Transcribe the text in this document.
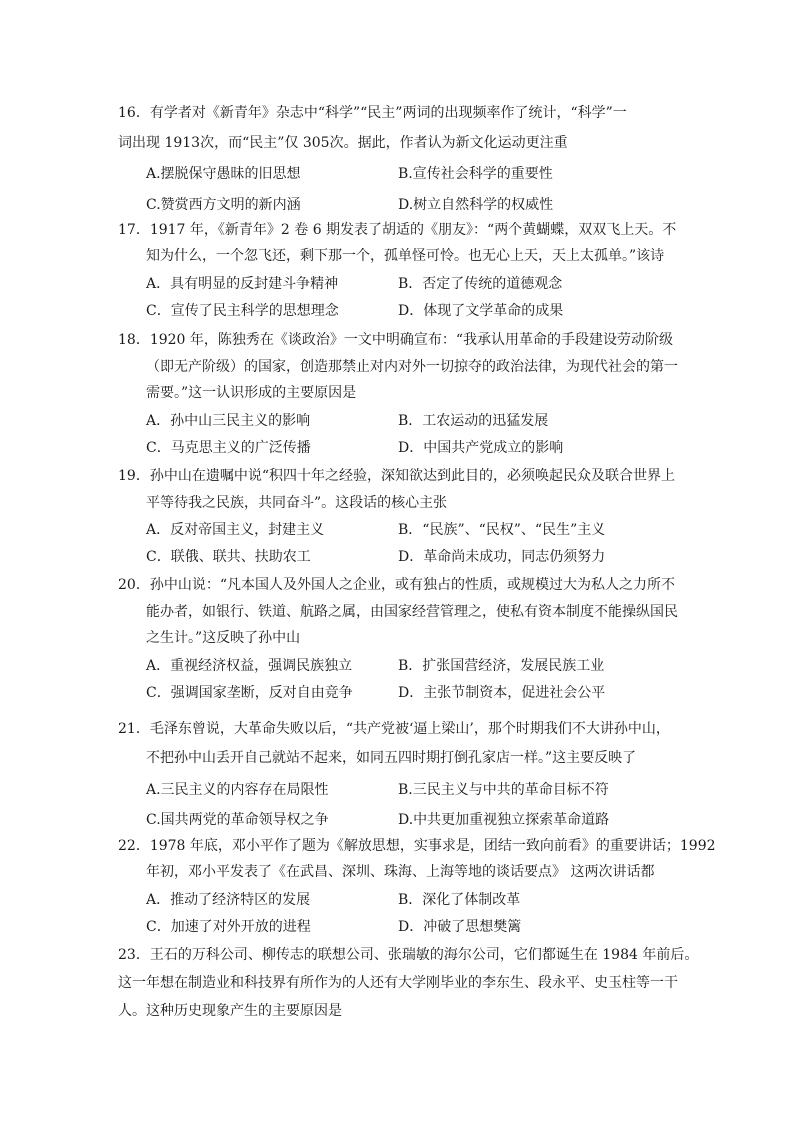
16．有学者对《新青年》杂志中“科学”“民主”两词的出现频率作了统计，“科学”一
词出现 1913次，而“民主”仅 305次。据此，作者认为新文化运动更注重
A.摆脱保守愚昧的旧思想	B.宣传社会科学的重要性
C.赞赏西方文明的新内涵	D.树立自然科学的权威性
17．1917 年，《新青年》2 卷 6 期发表了胡适的《朋友》：“两个黄蝴蝶，双双飞上天。不
知为什么，一个忽飞还，剩下那一个，孤单怪可怜。也无心上天，天上太孤单。”该诗
A．具有明显的反封建斗争精神	B．否定了传统的道德观念
C．宣传了民主科学的思想理念	D．体现了文学革命的成果
18．1920 年，陈独秀在《谈政治》一文中明确宣布：“我承认用革命的手段建设劳动阶级
（即无产阶级）的国家，创造那禁止对内对外一切掠夺的政治法律，为现代社会的第一
需要。”这一认识形成的主要原因是
A．孙中山三民主义的影响	B．工农运动的迅猛发展
C．马克思主义的广泛传播	D．中国共产党成立的影响
19．孙中山在遗嘱中说“积四十年之经验，深知欲达到此目的，必须唤起民众及联合世界上
平等待我之民族，共同奋斗”。这段话的核心主张
A．反对帝国主义，封建主义	B．“民族”、“民权”、“民生”主义
C．联俄、联共、扶助农工	D．革命尚未成功，同志仍须努力
20．孙中山说：“凡本国人及外国人之企业，或有独占的性质，或规模过大为私人之力所不
能办者，如银行、铁道、航路之属，由国家经营管理之，使私有资本制度不能操纵国民
之生计。”这反映了孙中山
A．重视经济权益，强调民族独立	B．扩张国营经济，发展民族工业
C．强调国家垄断，反对自由竞争	D．主张节制资本，促进社会公平
21．毛泽东曾说，大革命失败以后，“共产党被‘逼上梁山’，那个时期我们不大讲孙中山，
不把孙中山丢开自己就站不起来，如同五四时期打倒孔家店一样。”这主要反映了
A.三民主义的内容存在局限性	B.三民主义与中共的革命目标不符
C.国共两党的革命领导权之争	D.中共更加重视独立探索革命道路
22．1978 年底，邓小平作了题为《解放思想，实事求是，团结一致向前看》的重要讲话；1992
年初，邓小平发表了《在武昌、深圳、珠海、上海等地的谈话要点》 这两次讲话都
A．推动了经济特区的发展	B．深化了体制改革
C．加速了对外开放的进程	D．冲破了思想樊篱
23．王石的万科公司、柳传志的联想公司、张瑞敏的海尔公司，它们都诞生在 1984 年前后。
这一年想在制造业和科技界有所作为的人还有大学刚毕业的李东生、段永平、史玉柱等一干
人。这种历史现象产生的主要原因是
